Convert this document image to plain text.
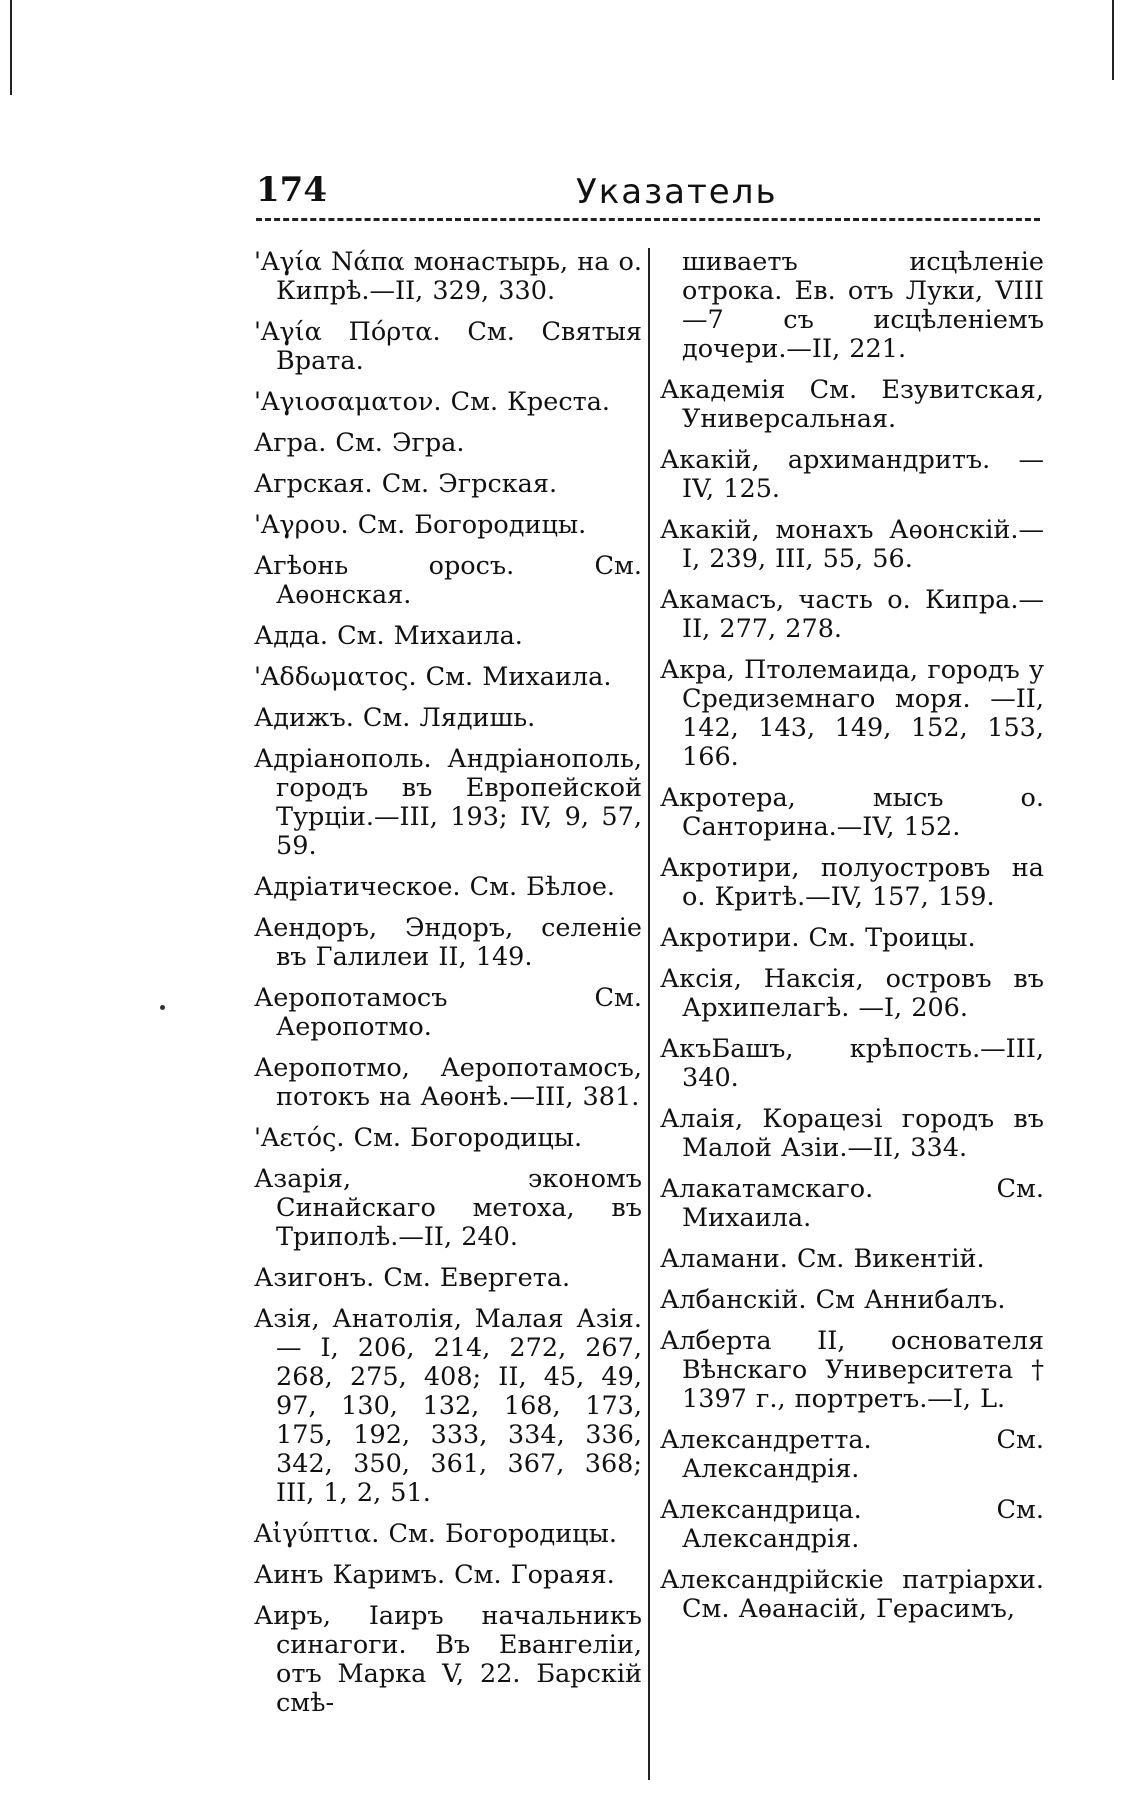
174	Указатель

'Αγία Νάπα монастырь, на о. Кипрѣ.—II, 329, 330.

'Αγία Πόρτα. См. Святыя Врата.

'Αγιοσαματον. См. Креста.

Агра. См. Эгра.

Агрская. См. Эгрская.

'Αγρου. См. Богородицы.

Агѣонь оросъ. См. Аѳонская.

Адда. См. Михаила.

'Αδδωματος. См. Михаила.

Адижъ. См. Лядишь.

Адріанополь. Андріанополь, городъ въ Европейской Турціи.—III, 193; IV, 9, 57, 59.

Адріатическое. См. Бѣлое.

Аендоръ, Эндоръ, селеніе въ Галилеи II, 149.

Аеропотамосъ См. Аеропотмо.

Аеропотмо, Аеропотамосъ, потокъ на Аѳонѣ.—III, 381.

'Αετός. См. Богородицы.

Азарія, экономъ Синайскаго метоха, въ Триполѣ.—II, 240.

Азигонъ. См. Евергета.

Азія, Анатолія, Малая Азія.— I, 206, 214, 272, 267, 268, 275, 408; II, 45, 49, 97, 130, 132, 168, 173, 175, 192, 333, 334, 336, 342, 350, 361, 367, 368; III, 1, 2, 51.

Αἰγύπτια. См. Богородицы.

Аинъ Каримъ. См. Гораяя.

Аиръ, Іаиръ начальникъ синагоги. Въ Евангеліи, отъ Марка V, 22. Барскій смѣ-

шиваетъ исцѣленіе отрока. Ев. отъ Луки, VIII—7 съ исцѣленіемъ дочери.—II, 221.

Академія См. Езувитская, Универсальная.

Акакій, архимандритъ. — IV, 125.

Акакій, монахъ Аѳонскій.— I, 239, III, 55, 56.

Акамасъ, часть о. Кипра.— II, 277, 278.

Акра, Птолемаида, городъ у Средиземнаго моря. —II, 142, 143, 149, 152, 153, 166.

Акротера, мысъ о. Санторина.—IV, 152.

Акротири, полуостровъ на о. Критѣ.—IV, 157, 159.

Акротири. См. Троицы.

Аксія, Наксія, островъ въ Архипелагѣ. —I, 206.

АкъБашъ, крѣпость.—III, 340.

Алаія, Корацезі городъ въ Малой Азіи.—II, 334.

Алакатамскаго. См. Михаила.

Аламани. См. Викентій.

Албанскій. См Аннибалъ.

Алберта II, основателя Вѣнскаго Университета † 1397 г., портретъ.—I, L.

Александретта. См. Александрія.

Александрица. См. Александрія.

Александрійскіе патріархи. См. Аѳанасій, Герасимъ,
